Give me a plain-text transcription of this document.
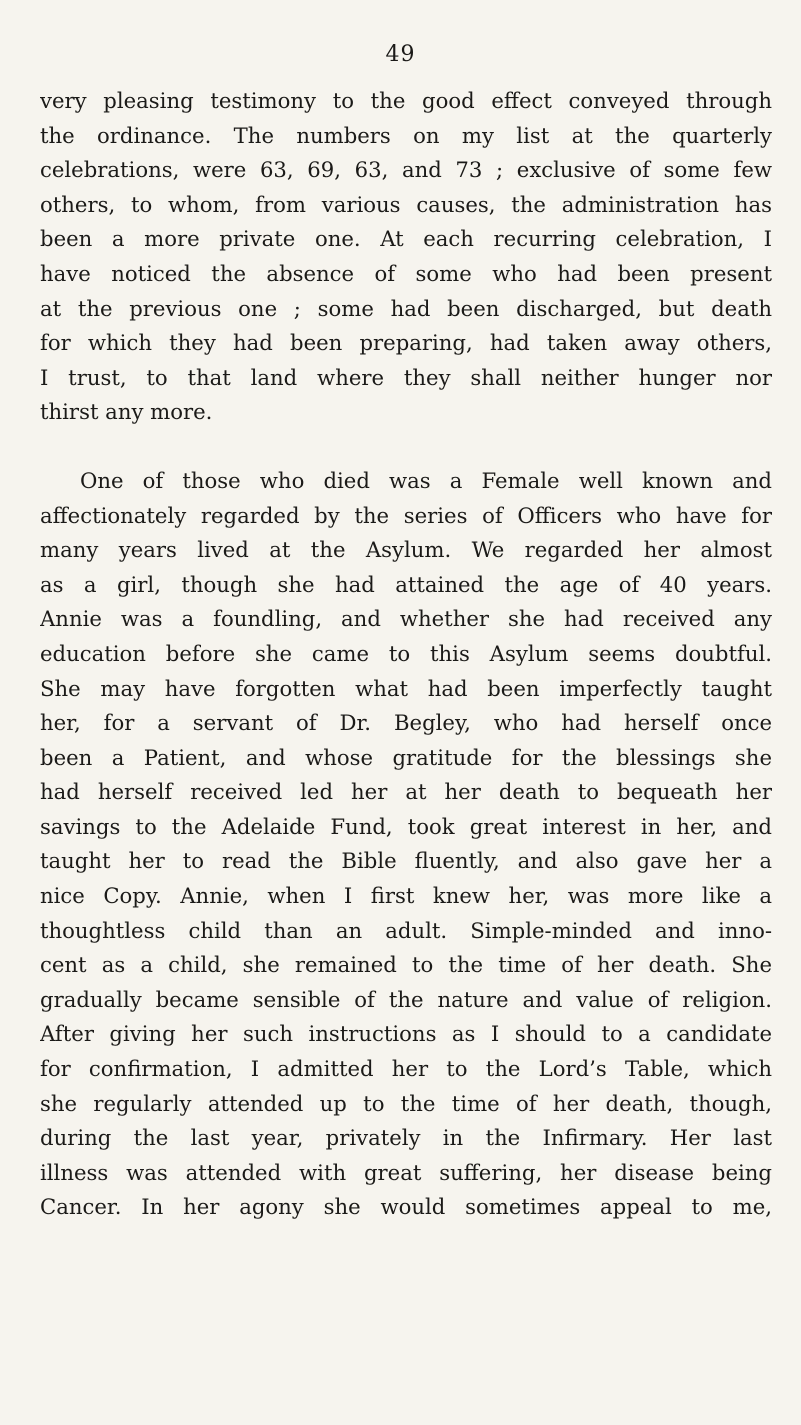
49
very pleasing testimony to the good effect conveyed through
the ordinance. The numbers on my list at the quarterly
celebrations, were 63, 69, 63, and 73 ; exclusive of some few
others, to whom, from various causes, the administration has
been a more private one. At each recurring celebration, I
have noticed the absence of some who had been present
at the previous one ; some had been discharged, but death
for which they had been preparing, had taken away others,
I trust, to that land where they shall neither hunger nor
thirst any more.
One of those who died was a Female well known and
affectionately regarded by the series of Officers who have for
many years lived at the Asylum. We regarded her almost
as a girl, though she had attained the age of 40 years.
Annie was a foundling, and whether she had received any
education before she came to this Asylum seems doubtful.
She may have forgotten what had been imperfectly taught
her, for a servant of Dr. Begley, who had herself once
been a Patient, and whose gratitude for the blessings she
had herself received led her at her death to bequeath her
savings to the Adelaide Fund, took great interest in her, and
taught her to read the Bible fluently, and also gave her a
nice Copy. Annie, when I first knew her, was more like a
thoughtless child than an adult. Simple-minded and inno-
cent as a child, she remained to the time of her death. She
gradually became sensible of the nature and value of religion.
After giving her such instructions as I should to a candidate
for confirmation, I admitted her to the Lord’s Table, which
she regularly attended up to the time of her death, though,
during the last year, privately in the Infirmary. Her last
illness was attended with great suffering, her disease being
Cancer. In her agony she would sometimes appeal to me,
